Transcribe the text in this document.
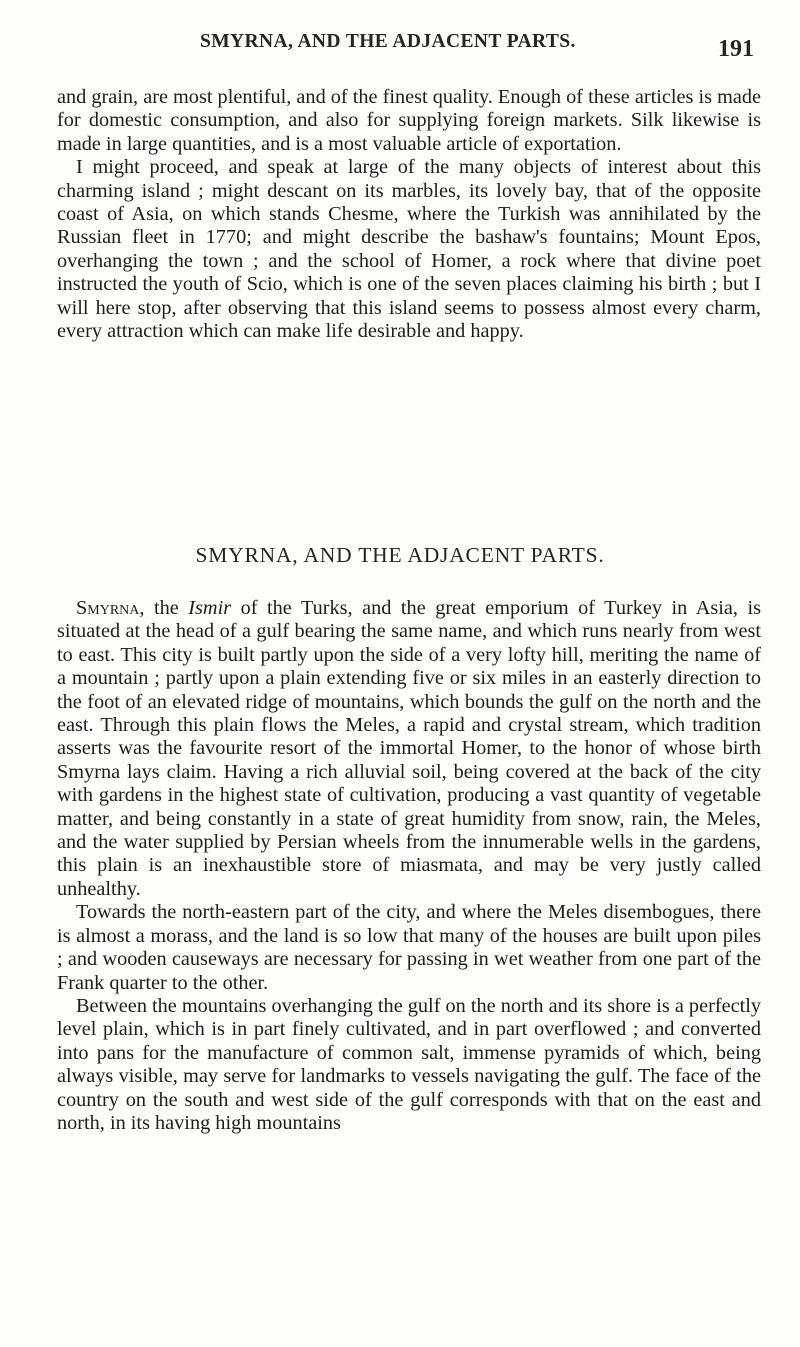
SMYRNA, AND THE ADJACENT PARTS.	191

and grain, are most plentiful, and of the finest quality. Enough of these articles is made for domestic consumption, and also for supplying foreign markets. Silk likewise is made in large quantities, and is a most valuable article of exportation.

I might proceed, and speak at large of the many objects of interest about this charming island ; might descant on its marbles, its lovely bay, that of the opposite coast of Asia, on which stands Chesme, where the Turkish was annihilated by the Russian fleet in 1770; and might describe the bashaw's fountains; Mount Epos, overhanging the town ; and the school of Homer, a rock where that divine poet instructed the youth of Scio, which is one of the seven places claiming his birth ; but I will here stop, after observing that this island seems to possess almost every charm, every attraction which can make life desirable and happy.

SMYRNA, AND THE ADJACENT PARTS.

Smyrna, the Ismir of the Turks, and the great emporium of Turkey in Asia, is situated at the head of a gulf bearing the same name, and which runs nearly from west to east. This city is built partly upon the side of a very lofty hill, meriting the name of a mountain ; partly upon a plain extending five or six miles in an easterly direction to the foot of an elevated ridge of mountains, which bounds the gulf on the north and the east. Through this plain flows the Meles, a rapid and crystal stream, which tradition asserts was the favourite resort of the immortal Homer, to the honor of whose birth Smyrna lays claim. Having a rich alluvial soil, being covered at the back of the city with gardens in the highest state of cultivation, producing a vast quantity of vegetable matter, and being constantly in a state of great humidity from snow, rain, the Meles, and the water supplied by Persian wheels from the innumerable wells in the gardens, this plain is an inexhaustible store of miasmata, and may be very justly called unhealthy.

Towards the north-eastern part of the city, and where the Meles disembogues, there is almost a morass, and the land is so low that many of the houses are built upon piles ; and wooden causeways are necessary for passing in wet weather from one part of the Frank quarter to the other.

Between the mountains overhanging the gulf on the north and its shore is a perfectly level plain, which is in part finely cultivated, and in part overflowed ; and converted into pans for the manufacture of common salt, immense pyramids of which, being always visible, may serve for landmarks to vessels navigating the gulf. The face of the country on the south and west side of the gulf corresponds with that on the east and north, in its having high mountains
